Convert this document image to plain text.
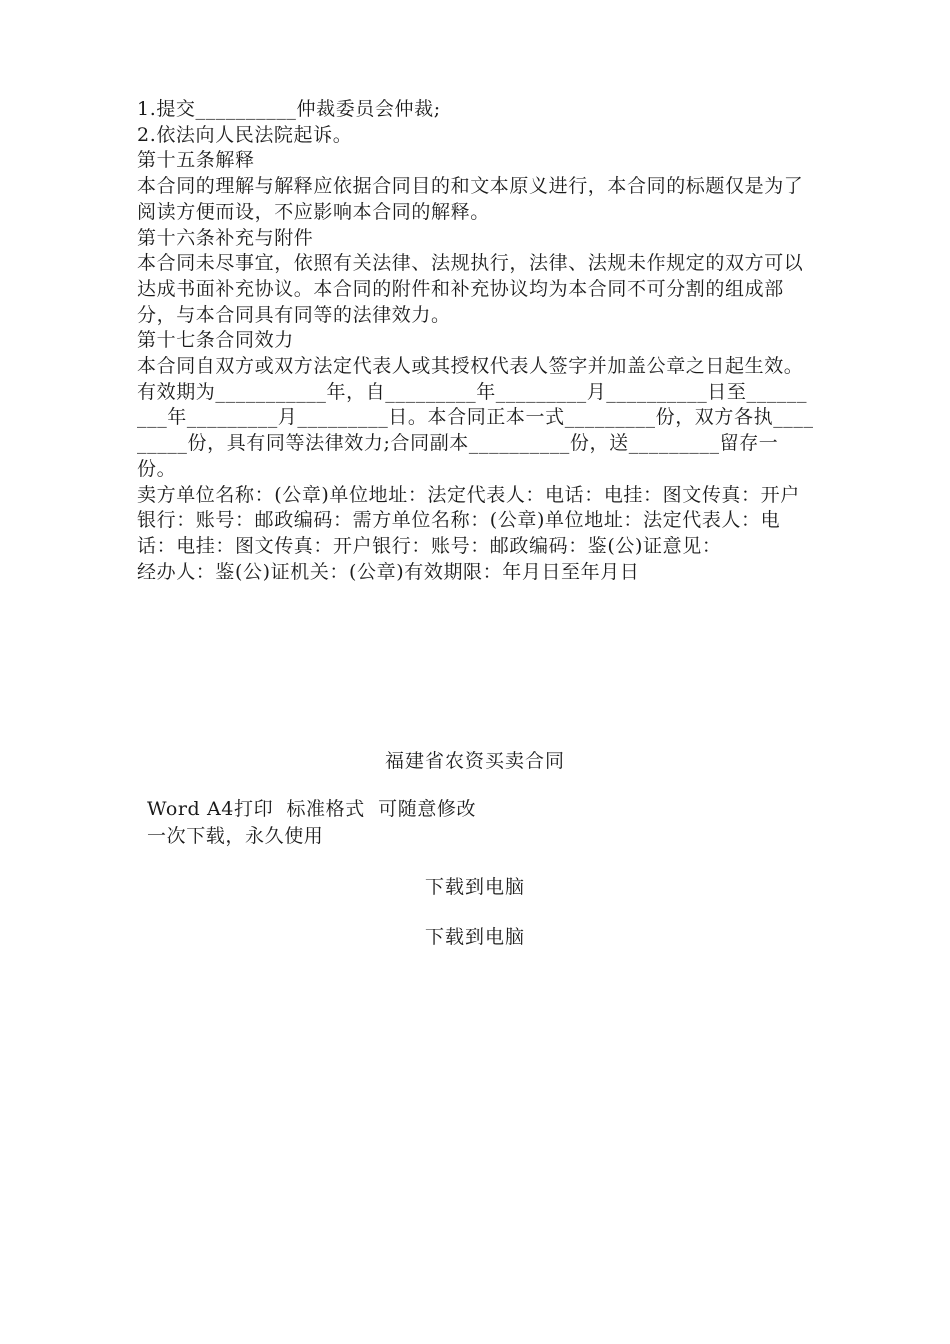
1.提交__________仲裁委员会仲裁;

2.依法向人民法院起诉。

第十五条解释

本合同的理解与解释应依据合同目的和文本原义进行，本合同的标题仅是为了阅读方便而设，不应影响本合同的解释。

第十六条补充与附件

本合同未尽事宜，依照有关法律、法规执行，法律、法规未作规定的双方可以达成书面补充协议。本合同的附件和补充协议均为本合同不可分割的组成部分，与本合同具有同等的法律效力。

第十七条合同效力

本合同自双方或双方法定代表人或其授权代表人签字并加盖公章之日起生效。有效期为___________年，自_________年_________月__________日至_________年_________月_________日。本合同正本一式_________份，双方各执_________份，具有同等法律效力;合同副本__________份，送_________留存一份。

卖方单位名称：(公章)单位地址：法定代表人：电话：电挂：图文传真：开户银行：账号：邮政编码：需方单位名称：(公章)单位地址：法定代表人：电话：电挂：图文传真：开户银行：账号：邮政编码：鉴(公)证意见：

经办人：鉴(公)证机关：(公章)有效期限：年月日至年月日

福建省农资买卖合同

Word A4打印  标准格式  可随意修改

一次下载，永久使用

下载到电脑
下载到电脑
